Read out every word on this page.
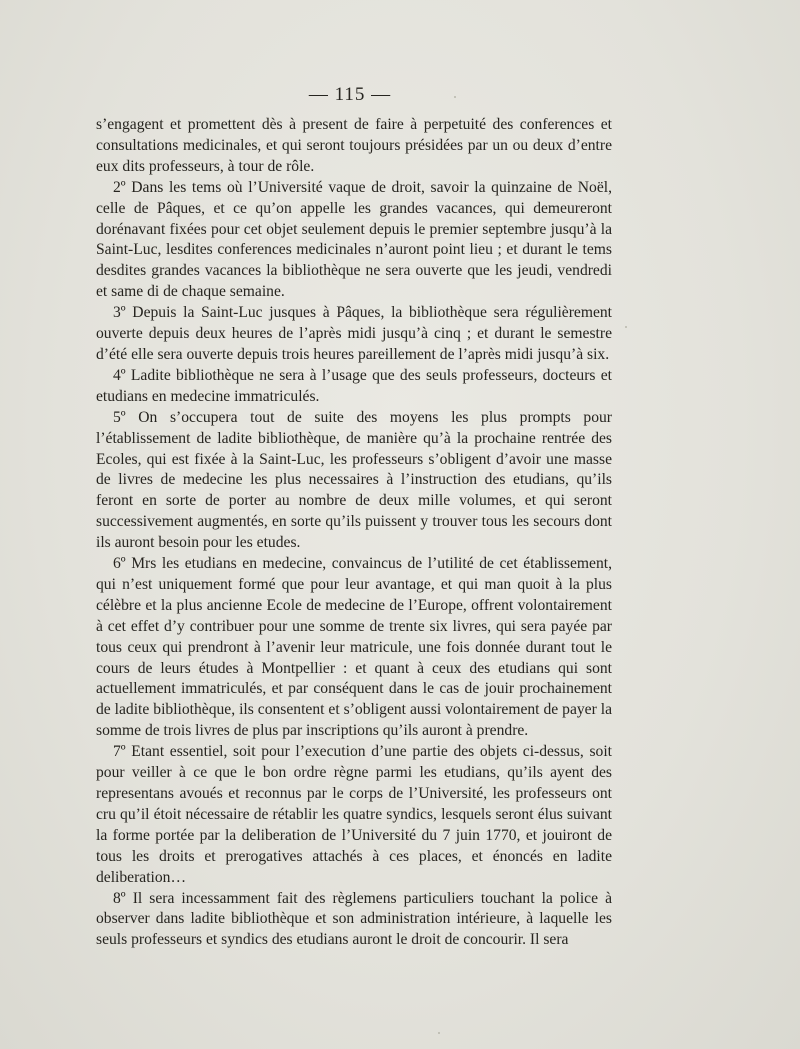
— 115 —

s’engagent et promettent dès à present de faire à perpetuité des conferences et consultations medicinales, et qui seront toujours présidées par un ou deux d’entre eux dits professeurs, à tour de rôle.

2º Dans les tems où l’Université vaque de droit, savoir la quinzaine de Noël, celle de Pâques, et ce qu’on appelle les grandes vacances, qui demeureront dorénavant fixées pour cet objet seulement depuis le premier septembre jusqu’à la Saint-Luc, lesdites conferences medicinales n’auront point lieu ; et durant le tems desdites grandes vacances la bibliothèque ne sera ouverte que les jeudi, vendredi et same di de chaque semaine.

3º Depuis la Saint-Luc jusques à Pâques, la bibliothèque sera régulièrement ouverte depuis deux heures de l’après midi jusqu’à cinq ; et durant le semestre d’été elle sera ouverte depuis trois heures pareillement de l’après midi jusqu’à six.

4º Ladite bibliothèque ne sera à l’usage que des seuls professeurs, docteurs et etudians en medecine immatriculés.

5º On s’occupera tout de suite des moyens les plus prompts pour l’établissement de ladite bibliothèque, de manière qu’à la prochaine rentrée des Ecoles, qui est fixée à la Saint-Luc, les professeurs s’obligent d’avoir une masse de livres de medecine les plus necessaires à l’instruction des etudians, qu’ils feront en sorte de porter au nombre de deux mille volumes, et qui seront successivement augmentés, en sorte qu’ils puissent y trouver tous les secours dont ils auront besoin pour les etudes.

6º Mrs les etudians en medecine, convaincus de l’utilité de cet établissement, qui n’est uniquement formé que pour leur avantage, et qui man quoit à la plus célèbre et la plus ancienne Ecole de medecine de l’Europe, offrent volontairement à cet effet d’y contribuer pour une somme de trente six livres, qui sera payée par tous ceux qui prendront à l’avenir leur matricule, une fois donnée durant tout le cours de leurs études à Montpellier : et quant à ceux des etudians qui sont actuellement immatriculés, et par conséquent dans le cas de jouir prochainement de ladite bibliothèque, ils consentent et s’obligent aussi volontairement de payer la somme de trois livres de plus par inscriptions qu’ils auront à prendre.

7º Etant essentiel, soit pour l’execution d’une partie des objets ci-dessus, soit pour veiller à ce que le bon ordre règne parmi les etudians, qu’ils ayent des representans avoués et reconnus par le corps de l’Université, les professeurs ont cru qu’il étoit nécessaire de rétablir les quatre syndics, lesquels seront élus suivant la forme portée par la deliberation de l’Université du 7 juin 1770, et jouiront de tous les droits et prerogatives attachés à ces places, et énoncés en ladite deliberation…

8º Il sera incessamment fait des règlemens particuliers touchant la police à observer dans ladite bibliothèque et son administration intérieure, à laquelle les seuls professeurs et syndics des etudians auront le droit de concourir. Il sera
